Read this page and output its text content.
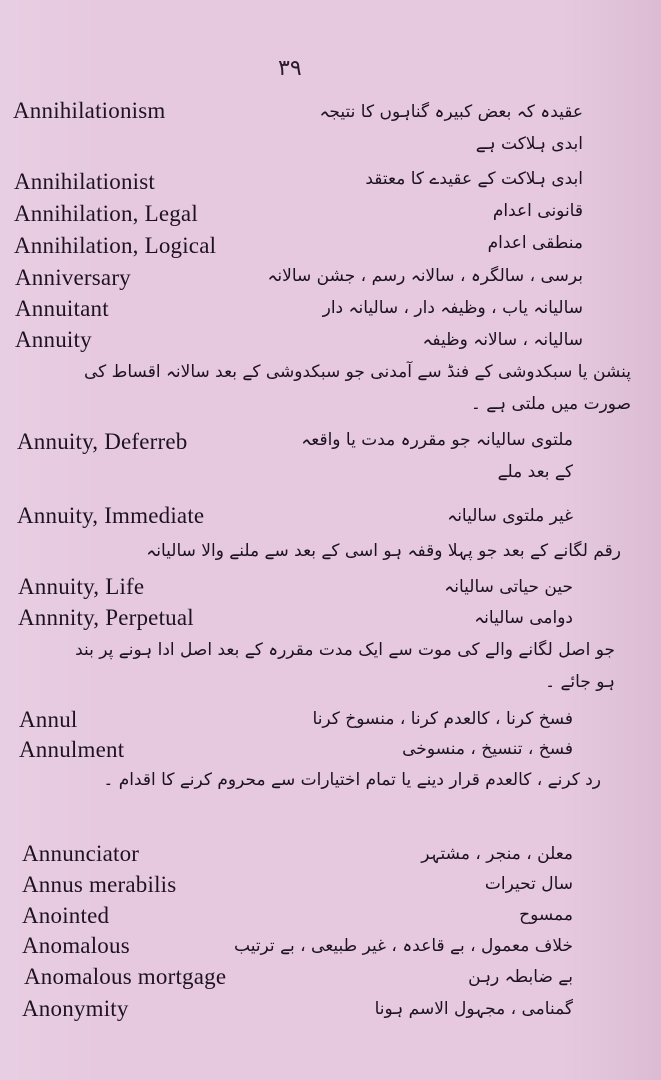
۳۹
Annihilationism	عقیدہ کہ بعض کبیرہ گناہوں کا نتیجہ ابدی ہلاکت ہے
Annihilationist	ابدی ہلاکت کے عقیدے کا معتقد
Annihilation, Legal	قانونی اعدام
Annihilation, Logical	منطقی اعدام
Anniversary	برسی ، سالگرہ ، سالانہ رسم ، جشن سالانہ
Annuitant	سالیانہ یاب ، وظیفہ دار ، سالیانہ دار
Annuity	سالیانہ ، سالانہ وظیفہ
پنشن یا سبکدوشی کے فنڈ سے آمدنی جو سبکدوشی کے بعد سالانہ اقساط کی صورت میں ملتی ہے ۔
Annuity, Deferreb	ملتوی سالیانہ جو مقررہ مدت یا واقعہ کے بعد ملے
Annuity, Immediate	غیر ملتوی سالیانہ
رقم لگانے کے بعد جو پہلا وقفہ ہو اسی کے بعد سے ملنے والا سالیانہ
Annuity, Life	حین حیاتی سالیانہ
Annnity, Perpetual	دوامی سالیانہ
جو اصل لگانے والے کی موت سے ایک مدت مقررہ کے بعد اصل ادا ہونے پر بند ہو جائے ۔
Annul	فسخ کرنا ، کالعدم کرنا ، منسوخ کرنا
Annulment	فسخ ، تنسیخ ، منسوخی
رد کرنے ، کالعدم قرار دینے یا تمام اختیارات سے محروم کرنے کا اقدام ۔
Annunciator	معلن ، منجر ، مشتہر
Annus merabilis	سال تحیرات
Anointed	ممسوح
Anomalous	خلاف معمول ، بے قاعدہ ، غیر طبیعی ، بے ترتیب
Anomalous mortgage	بے ضابطہ رہن
Anonymity	گمنامی ، مجہول الاسم ہونا
